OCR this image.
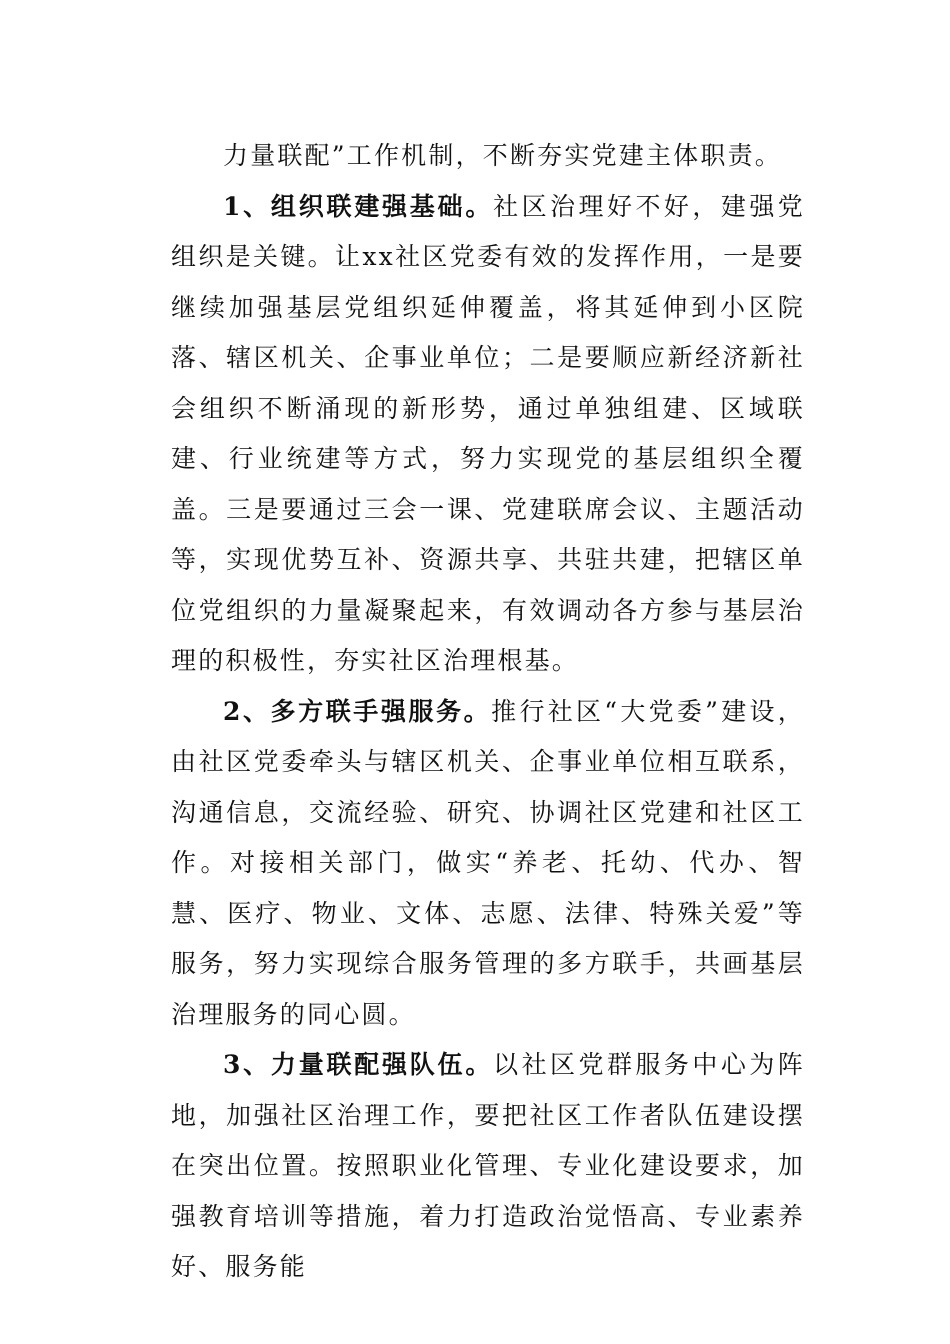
力量联配”工作机制，不断夯实党建主体职责。

1、组织联建强基础。社区治理好不好，建强党组织是关键。让xx社区党委有效的发挥作用，一是要继续加强基层党组织延伸覆盖，将其延伸到小区院落、辖区机关、企事业单位；二是要顺应新经济新社会组织不断涌现的新形势，通过单独组建、区域联建、行业统建等方式，努力实现党的基层组织全覆盖。三是要通过三会一课、党建联席会议、主题活动等，实现优势互补、资源共享、共驻共建，把辖区单位党组织的力量凝聚起来，有效调动各方参与基层治理的积极性，夯实社区治理根基。

2、多方联手强服务。推行社区“大党委”建设，由社区党委牵头与辖区机关、企事业单位相互联系，沟通信息，交流经验、研究、协调社区党建和社区工作。对接相关部门，做实“养老、托幼、代办、智慧、医疗、物业、文体、志愿、法律、特殊关爱”等服务，努力实现综合服务管理的多方联手，共画基层治理服务的同心圆。

3、力量联配强队伍。以社区党群服务中心为阵地，加强社区治理工作，要把社区工作者队伍建设摆在突出位置。按照职业化管理、专业化建设要求，加强教育培训等措施，着力打造政治觉悟高、专业素养好、服务能
